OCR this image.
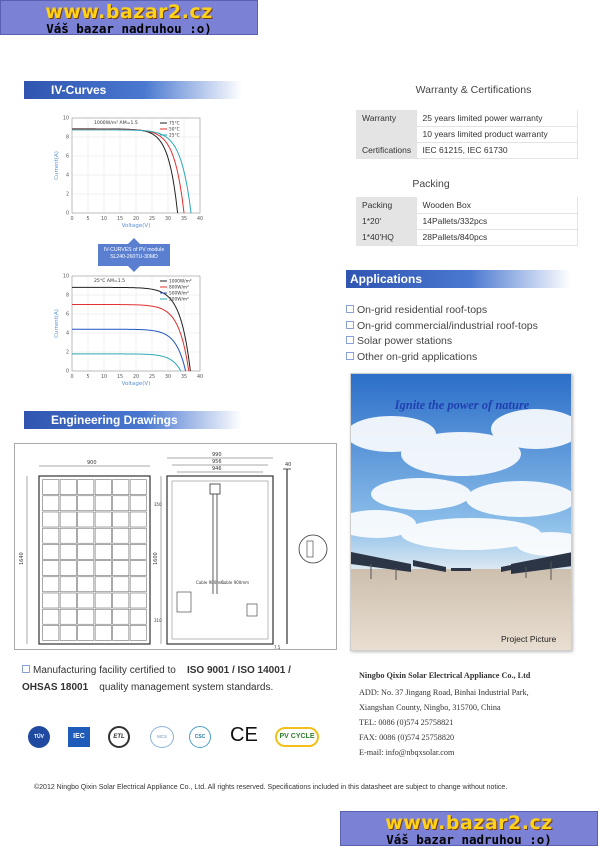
www.bazar2.cz
Váš bazar nadruhou :o)
IV-Curves
0	5 10 15 20 25 30 35 40
0
2
4
6
8
10
Voltage(V)
Current(A)
1000W/m² AM=1.5	75°C
50°C
25°C
IV-CURVES of PV module
SL240-260TU-30MD
0	5 10 15 20 25 30 35 40
0
2
4
6
8
10
Voltage(V)
Current(A)
25°C AM=1.5	1000W/m²
800W/m²
500W/m²
200W/m²
Warranty & Certifications
Warranty	25 years limited power warranty
	10 years limited product warranty
Certifications	IEC 61215, IEC 61730
Packing
Packing	Wooden Box
1*20'	14Pallets/332pcs
1*40'HQ	28Pallets/840pcs
Applications
On-grid residential roof-tops
On-grid commercial/industrial roof-tops
Solar power stations
Other on-grid applications
Ignite the power of nature
Project Picture
Engineering Drawings
900
1640
990
956
946
Cable 900mm
Cable 900mm
1600
350
310
40
7.5
Manufacturing facility certified to ISO 9001 / ISO 14001 /
OHSAS 18001 quality management system standards.
TÜV	IEC	ETL	MCS	CSC CE	PV CYCLE
Ningbo Qixin Solar Electrical Appliance Co., Ltd
ADD: No. 37 Jingang Road, Binhai Industrial Park,
Xiangshan County, Ningbo, 315700, China
TEL: 0086 (0)574 25758821
FAX: 0086 (0)574 25758820
E-mail: info@nbqxsolar.com
©2012 Ningbo Qixin Solar Electrical Appliance Co., Ltd. All rights reserved. Specifications included in this datasheet are subject to change without notice.
www.bazar2.cz
Váš bazar nadruhou :o)
